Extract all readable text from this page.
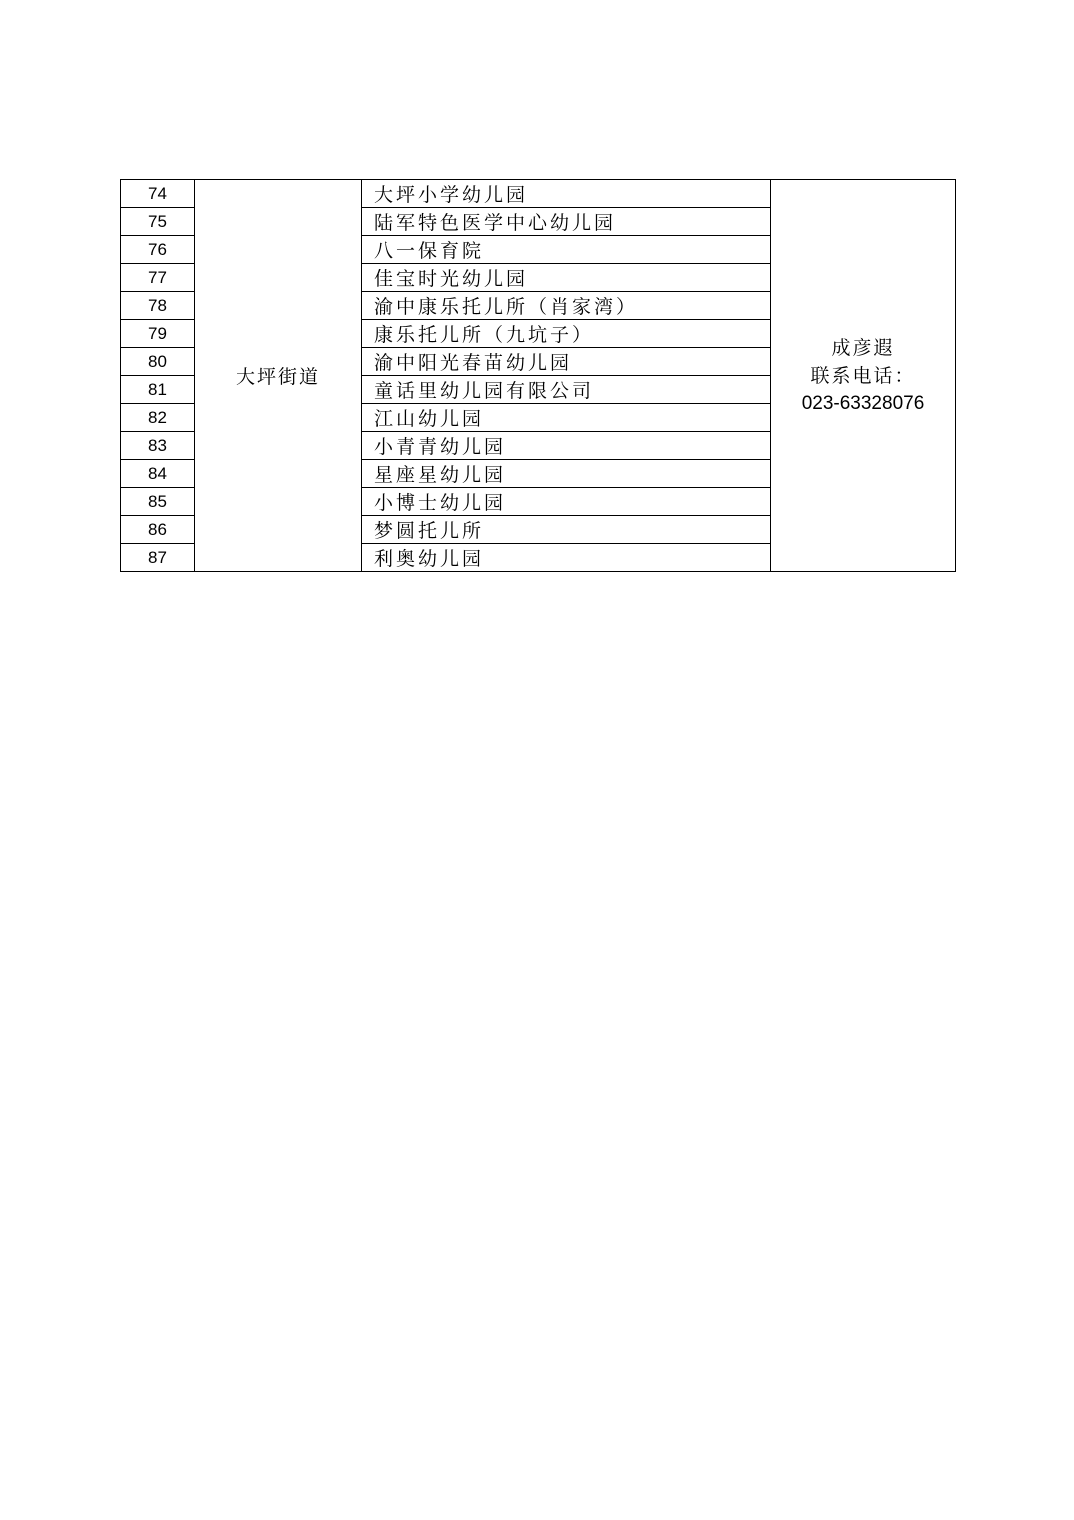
74	大坪街道	大坪小学幼儿园	成彦遐
联系电话：
023-63328076

75		陆军特色医学中心幼儿园	
76		八一保育院	
77		佳宝时光幼儿园	
78		渝中康乐托儿所（肖家湾）	
79		康乐托儿所（九坑子）	
80		渝中阳光春苗幼儿园	
81		童话里幼儿园有限公司	
82		江山幼儿园	
83		小青青幼儿园	
84		星座星幼儿园	
85		小博士幼儿园	
86		梦圆托儿所	
87		利奥幼儿园	
